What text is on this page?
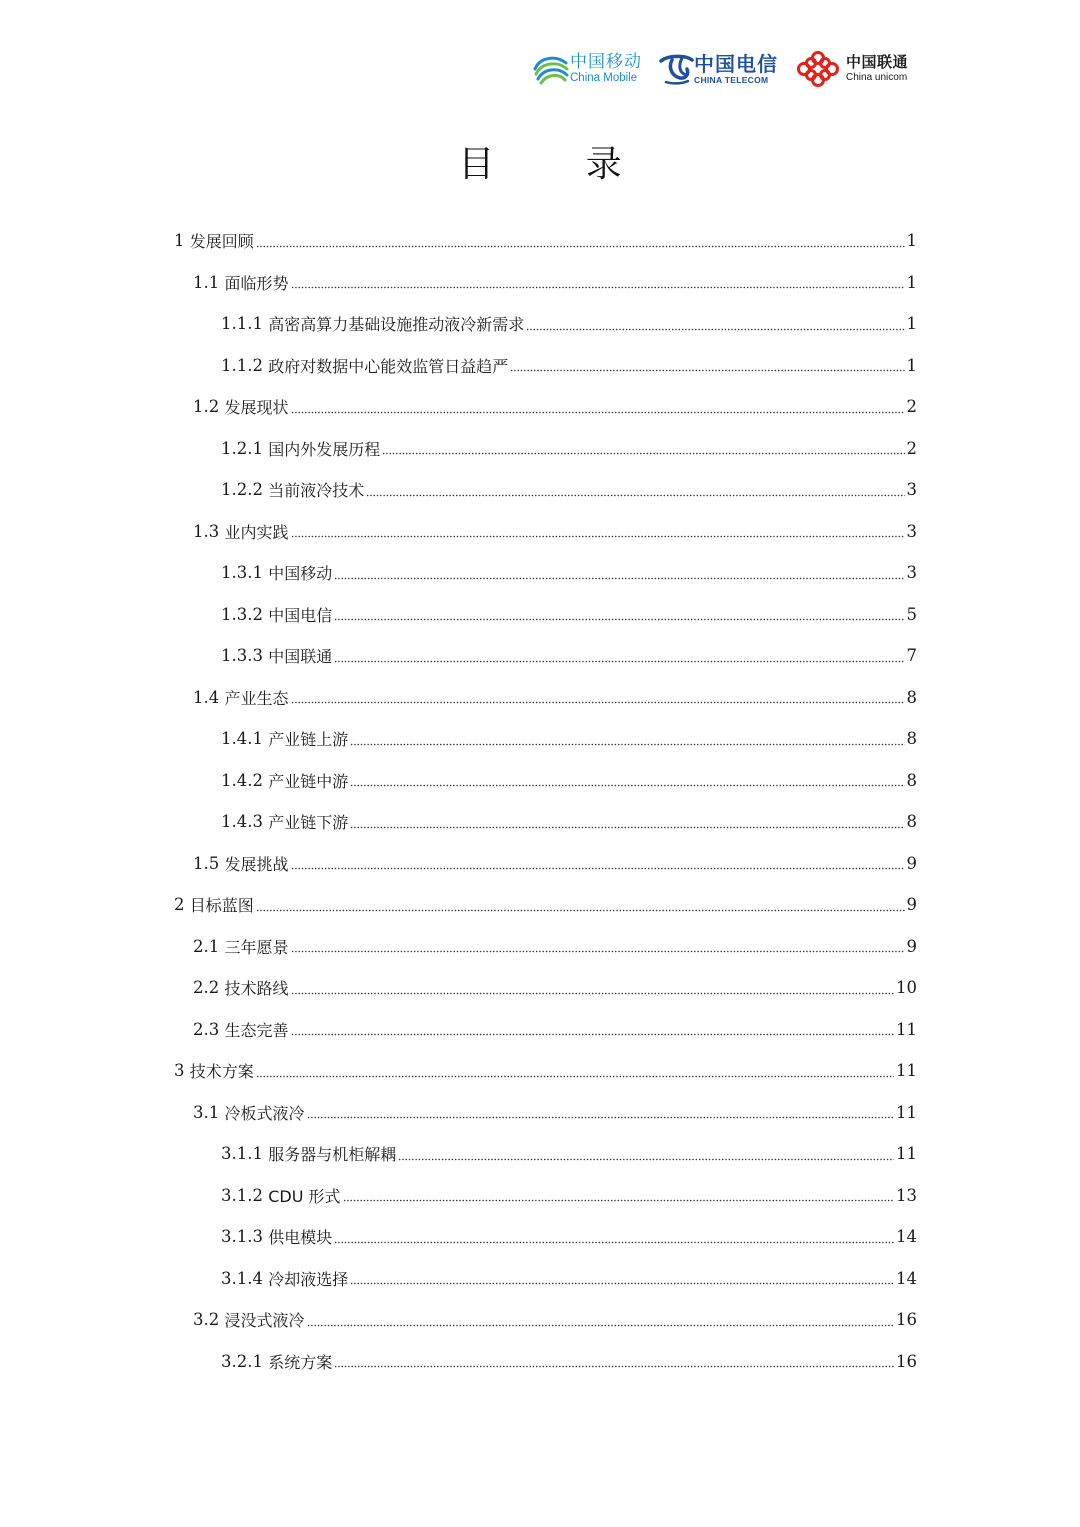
中国移动
China Mobile
中国电信
CHINA TELECOM
中国联通
China unicom
目 录
1 发展回顾	1
1.1 面临形势	1
1.1.1 高密高算力基础设施推动液冷新需求	1
1.1.2 政府对数据中心能效监管日益趋严	1
1.2 发展现状	2
1.2.1 国内外发展历程	2
1.2.2 当前液冷技术	3
1.3 业内实践	3
1.3.1 中国移动	3
1.3.2 中国电信	5
1.3.3 中国联通	7
1.4 产业生态	8
1.4.1 产业链上游	8
1.4.2 产业链中游	8
1.4.3 产业链下游	8
1.5 发展挑战	9
2 目标蓝图	9
2.1 三年愿景	9
2.2 技术路线	10
2.3 生态完善	11
3 技术方案	11
3.1 冷板式液冷	11
3.1.1 服务器与机柜解耦	11
3.1.2 CDU 形式	13
3.1.3 供电模块	14
3.1.4 冷却液选择	14
3.2 浸没式液冷	16
3.2.1 系统方案	16
